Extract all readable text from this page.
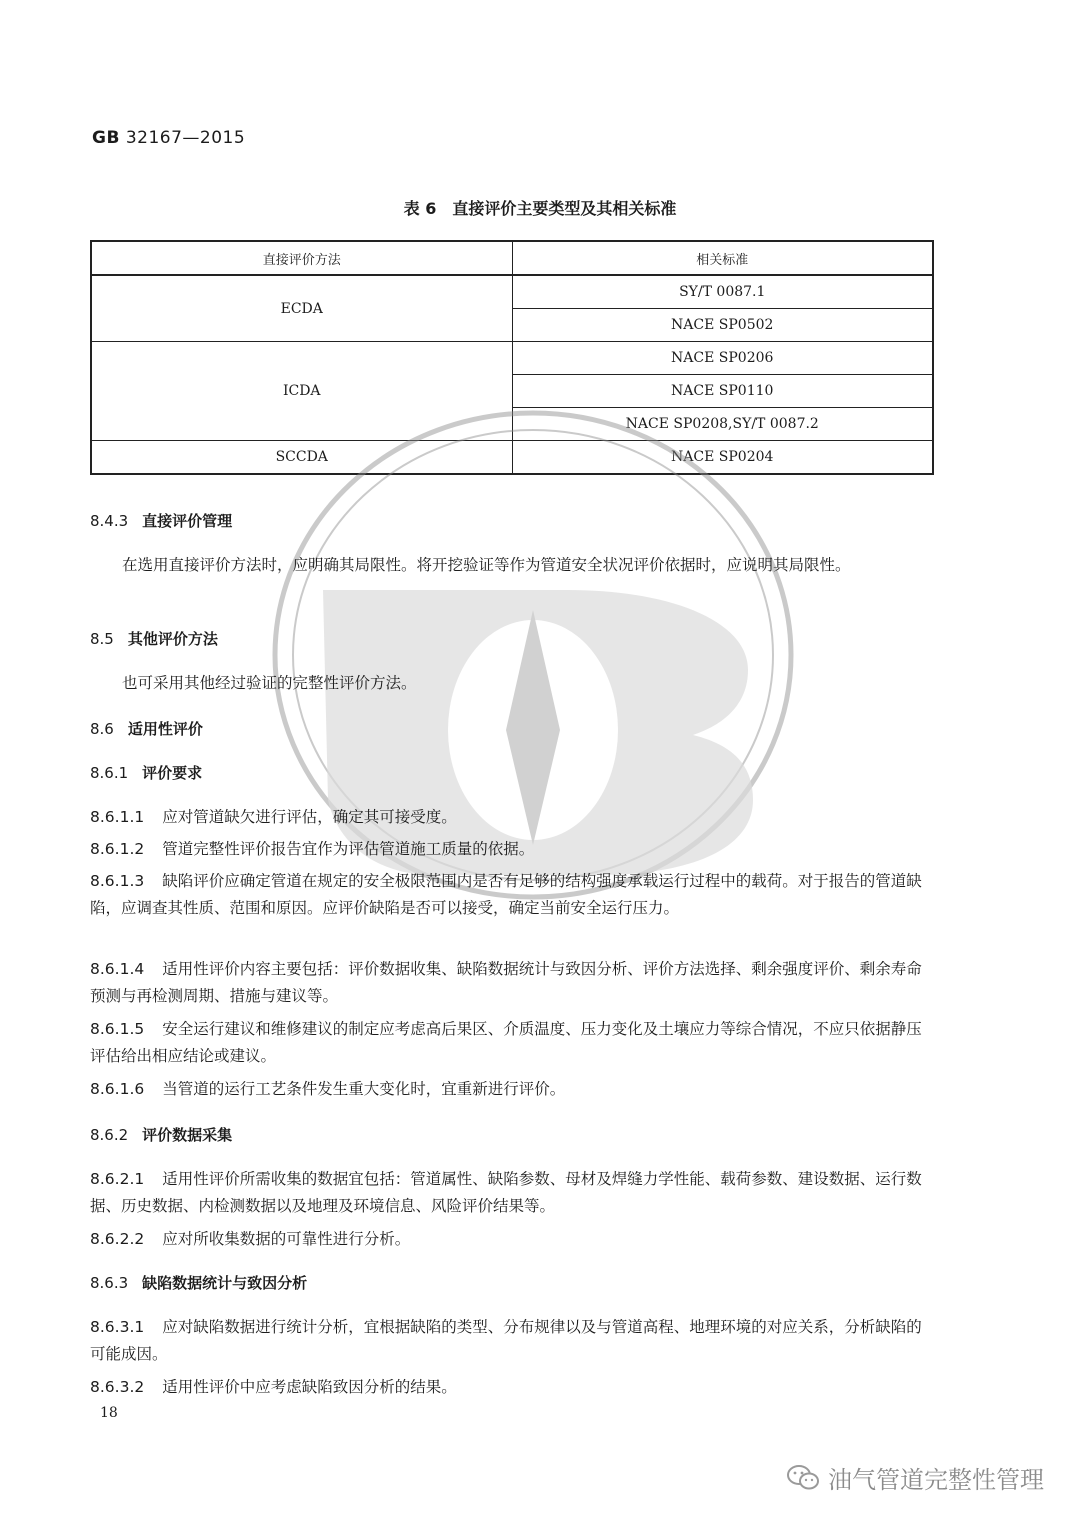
GB 32167—2015
表 6　直接评价主要类型及其相关标准
直接评价方法	相关标准
ECDA	SY/T 0087.1
	NACE SP0502
ICDA	NACE SP0206
	NACE SP0110
	NACE SP0208,SY/T 0087.2
SCCDA	NACE SP0204
8.4.3 直接评价管理
在选用直接评价方法时，应明确其局限性。将开挖验证等作为管道安全状况评价依据时，应说明其局限性。
8.5 其他评价方法
也可采用其他经过验证的完整性评价方法。
8.6 适用性评价
8.6.1 评价要求
8.6.1.1 应对管道缺欠进行评估，确定其可接受度。
8.6.1.2 管道完整性评价报告宜作为评估管道施工质量的依据。
8.6.1.3 缺陷评价应确定管道在规定的安全极限范围内是否有足够的结构强度承载运行过程中的载荷。对于报告的管道缺陷，应调查其性质、范围和原因。应评价缺陷是否可以接受，确定当前安全运行压力。
8.6.1.4 适用性评价内容主要包括：评价数据收集、缺陷数据统计与致因分析、评价方法选择、剩余强度评价、剩余寿命预测与再检测周期、措施与建议等。
8.6.1.5 安全运行建议和维修建议的制定应考虑高后果区、介质温度、压力变化及土壤应力等综合情况，不应只依据静压评估给出相应结论或建议。
8.6.1.6 当管道的运行工艺条件发生重大变化时，宜重新进行评价。
8.6.2 评价数据采集
8.6.2.1 适用性评价所需收集的数据宜包括：管道属性、缺陷参数、母材及焊缝力学性能、载荷参数、建设数据、运行数据、历史数据、内检测数据以及地理及环境信息、风险评价结果等。
8.6.2.2 应对所收集数据的可靠性进行分析。
8.6.3 缺陷数据统计与致因分析
8.6.3.1 应对缺陷数据进行统计分析，宜根据缺陷的类型、分布规律以及与管道高程、地理环境的对应关系，分析缺陷的可能成因。
8.6.3.2 适用性评价中应考虑缺陷致因分析的结果。
18
油气管道完整性管理
